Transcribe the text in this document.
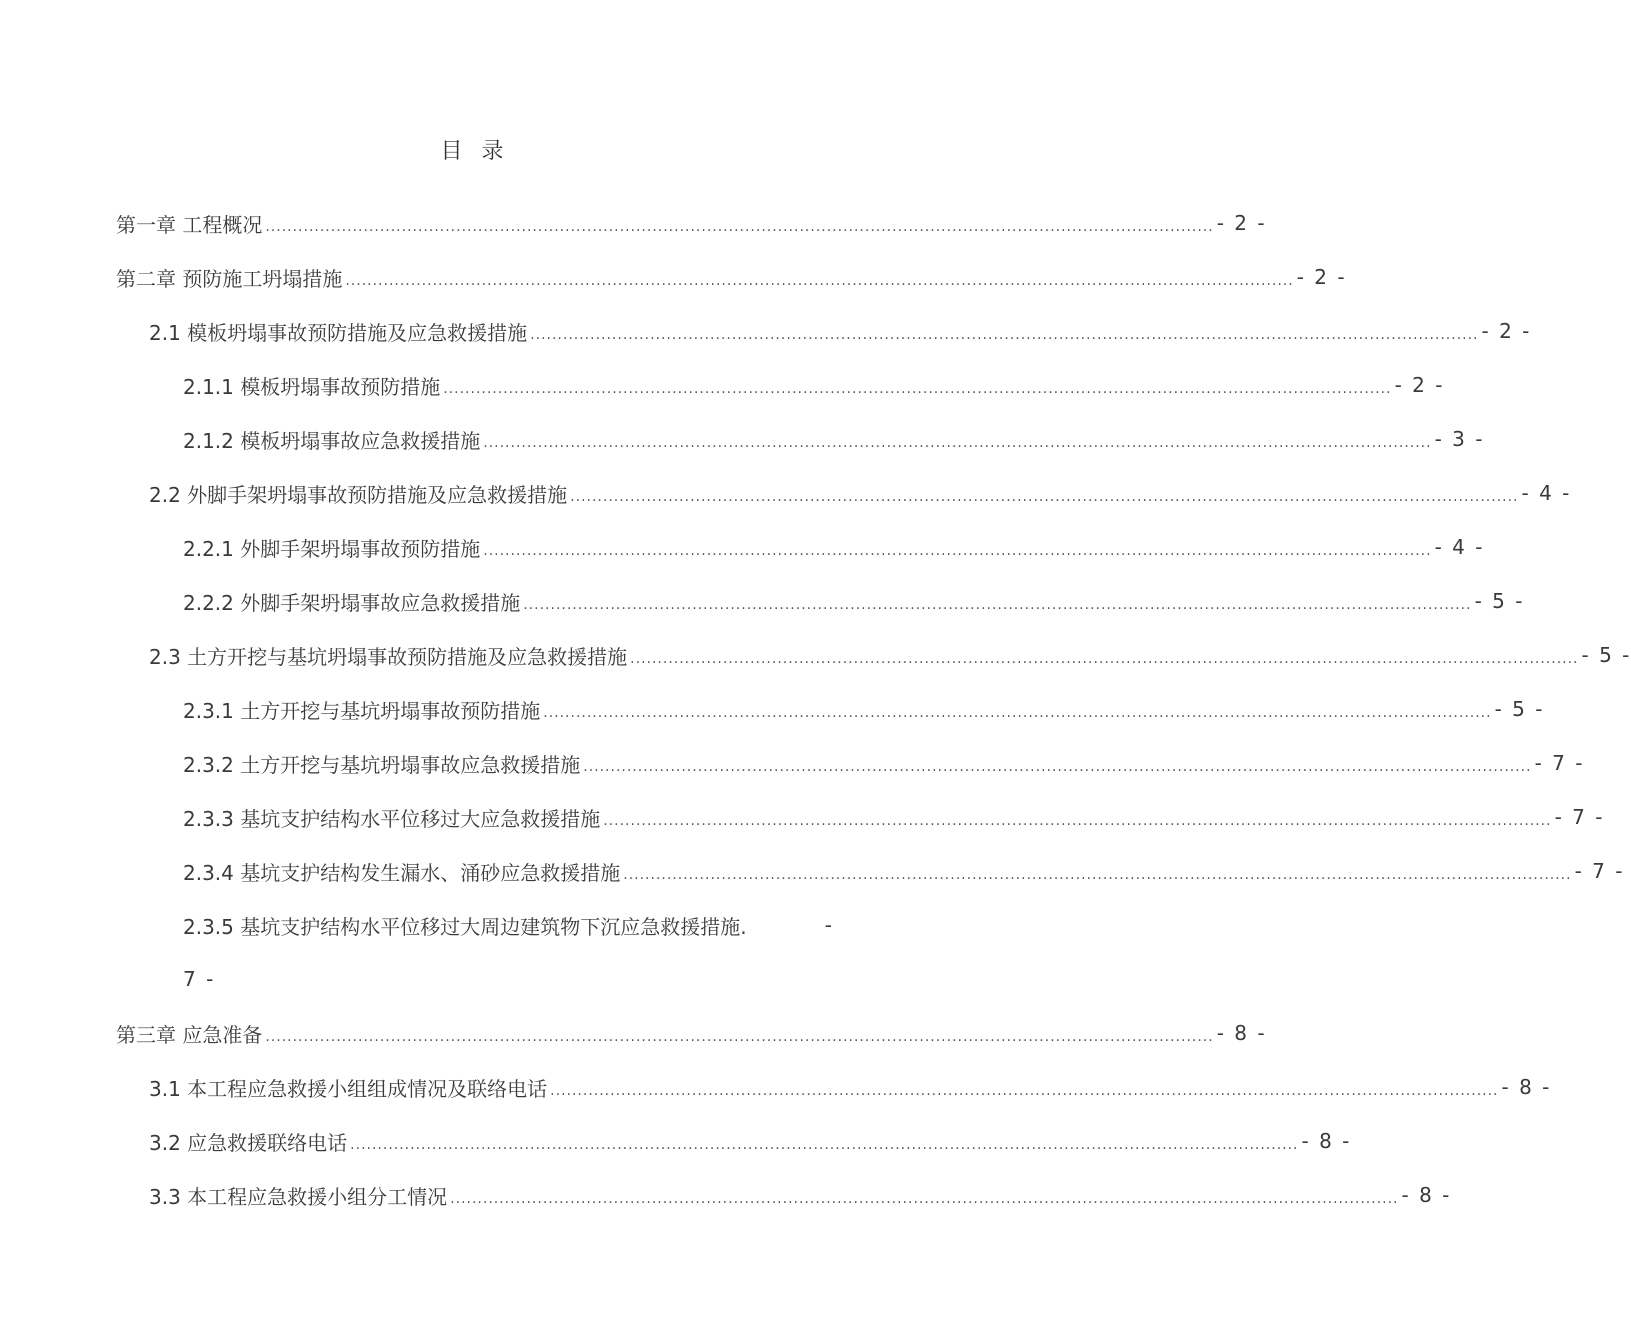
目 录
第一章 工程概况 .............................................................................................................................................................................. - 2 -
第二章 预防施工坍塌措施 .............................................................................................................................................................................. - 2 -
2.1 模板坍塌事故预防措施及应急救援措施 .............................................................................................................................................................................. - 2 -
2.1.1 模板坍塌事故预防措施 .............................................................................................................................................................................. - 2 -
2.1.2 模板坍塌事故应急救援措施 .............................................................................................................................................................................. - 3 -
2.2 外脚手架坍塌事故预防措施及应急救援措施 .............................................................................................................................................................................. - 4 -
2.2.1 外脚手架坍塌事故预防措施 .............................................................................................................................................................................. - 4 -
2.2.2 外脚手架坍塌事故应急救援措施 .............................................................................................................................................................................. - 5 -
2.3 土方开挖与基坑坍塌事故预防措施及应急救援措施 .............................................................................................................................................................................. - 5 -
2.3.1 土方开挖与基坑坍塌事故预防措施 .............................................................................................................................................................................. - 5 -
2.3.2 土方开挖与基坑坍塌事故应急救援措施 .............................................................................................................................................................................. - 7 -
2.3.3 基坑支护结构水平位移过大应急救援措施 .............................................................................................................................................................................. - 7 -
2.3.4 基坑支护结构发生漏水、涌砂应急救援措施 .............................................................................................................................................................................. - 7 -
2.3.5 基坑支护结构水平位移过大周边建筑物下沉应急救援措施.	-
7 -
第三章 应急准备 .............................................................................................................................................................................. - 8 -
3.1 本工程应急救援小组组成情况及联络电话 .............................................................................................................................................................................. - 8 -
3.2 应急救援联络电话 .............................................................................................................................................................................. - 8 -
3.3 本工程应急救援小组分工情况 .............................................................................................................................................................................. - 8 -
